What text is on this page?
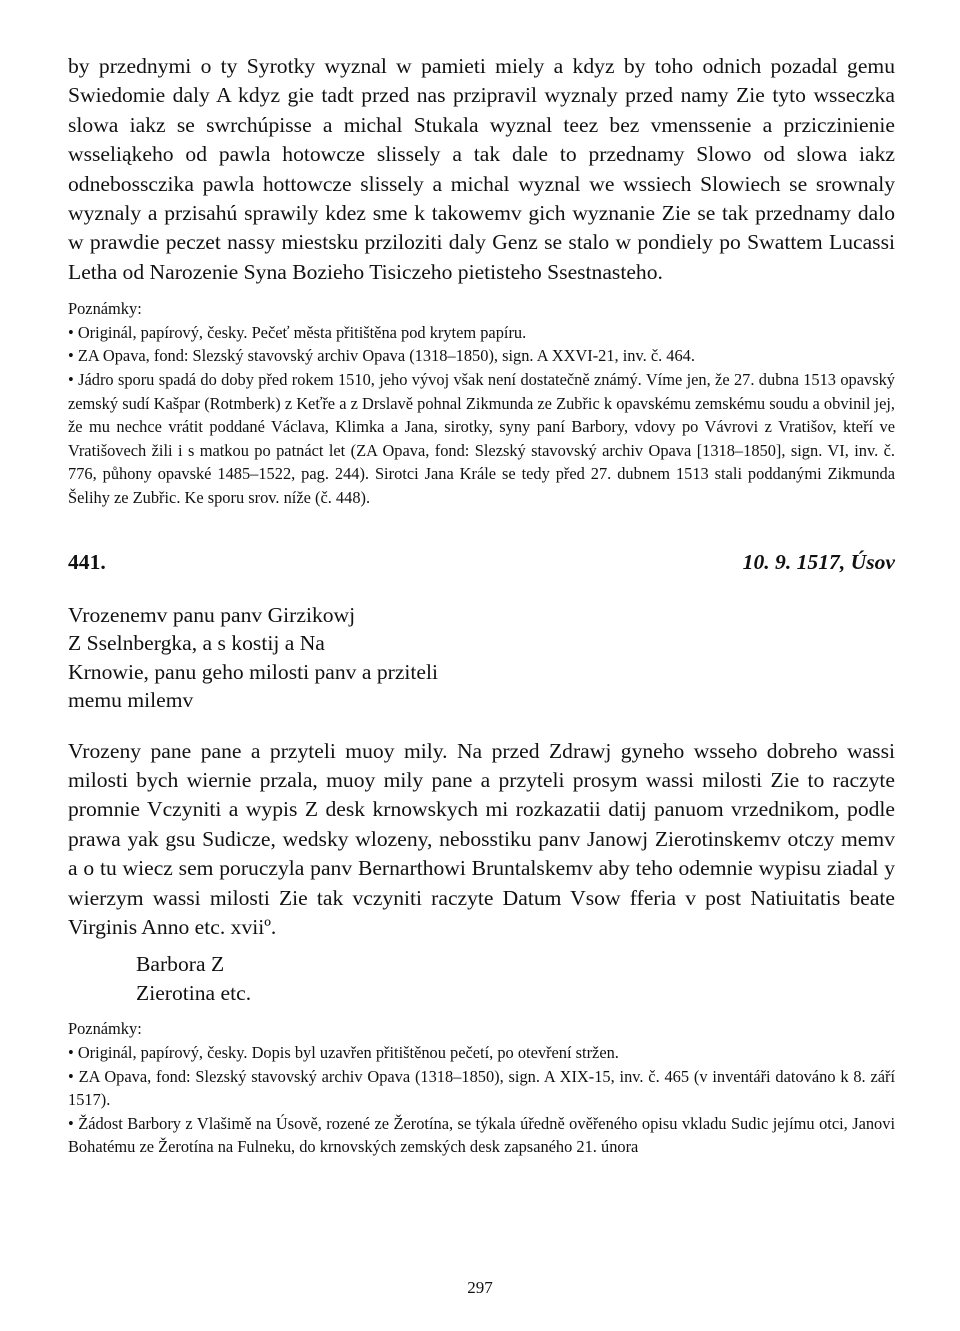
by przednymi o ty Syrotky wyznal w pamieti miely a kdyz by toho odnich pozadal gemu Swiedomie daly A kdyz gie tadt przed nas przipravil wyznaly przed namy Zie tyto wsseczka slowa iakz se swrchúpisse a michal Stukala wyznal teez bez vmenssenie a prziczinienie wsseliąkeho od pawla hotowcze slissely a tak dale to przednamy Slowo od slowa iakz odnebossczika pawla hottowcze slissely a michal wyznal we wssiech Slowiech se srownaly wyznaly a przisahú sprawily kdez sme k takowemv gich wyznanie Zie se tak przednamy dalo w prawdie peczet nassy miestsku prziloziti daly Genz se stalo w pondiely po Swattem Lucassi Letha od Narozenie Syna Bozieho Tisiczeho pietisteho Ssestnasteho.

Poznámky:

• Originál, papírový, česky. Pečeť města přitištěna pod krytem papíru.
• ZA Opava, fond: Slezský stavovský archiv Opava (1318–1850), sign. A XXVI-21, inv. č. 464.
• Jádro sporu spadá do doby před rokem 1510, jeho vývoj však není dostatečně známý. Víme jen, že 27. dubna 1513 opavský zemský sudí Kašpar (Rotmberk) z Keťře a z Drslavě pohnal Zikmunda ze Zubřic k opavskému zemskému soudu a obvinil jej, že mu nechce vrátit poddané Václava, Klimka a Jana, sirotky, syny paní Barbory, vdovy po Vávrovi z Vratišov, kteří ve Vratišovech žili i s matkou po patnáct let (ZA Opava, fond: Slezský stavovský archiv Opava [1318–1850], sign. VI, inv. č. 776, půhony opavské 1485–1522, pag. 244). Sirotci Jana Krále se tedy před 27. dubnem 1513 stali poddanými Zikmunda Šelihy ze Zubřic. Ke sporu srov. níže (č. 448).
441.	10. 9. 1517, Úsov
Vrozenemv panu panv Girzikowj
Z Sselnbergka, a s kostij a Na
Krnowie, panu geho milosti panv a prziteli
memu milemv

Vrozeny pane pane a przyteli muoy mily. Na przed Zdrawj gyneho wsseho dobreho wassi milosti bych wiernie przala, muoy mily pane a przyteli prosym wassi milosti Zie to raczyte promnie Vczyniti a wypis Z desk krnowskych mi rozkazatii datij panuom vrzednikom, podle prawa yak gsu Sudicze, wedsky wlozeny, nebosstiku panv Janowj Zierotinskemv otczy memv a o tu wiecz sem poruczyla panv Bernarthowi Bruntalskemv aby teho odemnie wypisu ziadal y wierzym wassi milosti Zie tak vczyniti raczyte Datum Vsow fferia v post Natiuitatis beate Virginis Anno etc. xviiº.

Barbora Z
Zierotina etc.

Poznámky:

• Originál, papírový, česky. Dopis byl uzavřen přitištěnou pečetí, po otevření stržen.
• ZA Opava, fond: Slezský stavovský archiv Opava (1318–1850), sign. A XIX-15, inv. č. 465 (v inventáři datováno k 8. září 1517).
• Žádost Barbory z Vlašimě na Úsově, rozené ze Žerotína, se týkala úředně ověřeného opisu vkladu Sudic jejímu otci, Janovi Bohatému ze Žerotína na Fulneku, do krnovských zemských desk zapsaného 21. února
297
